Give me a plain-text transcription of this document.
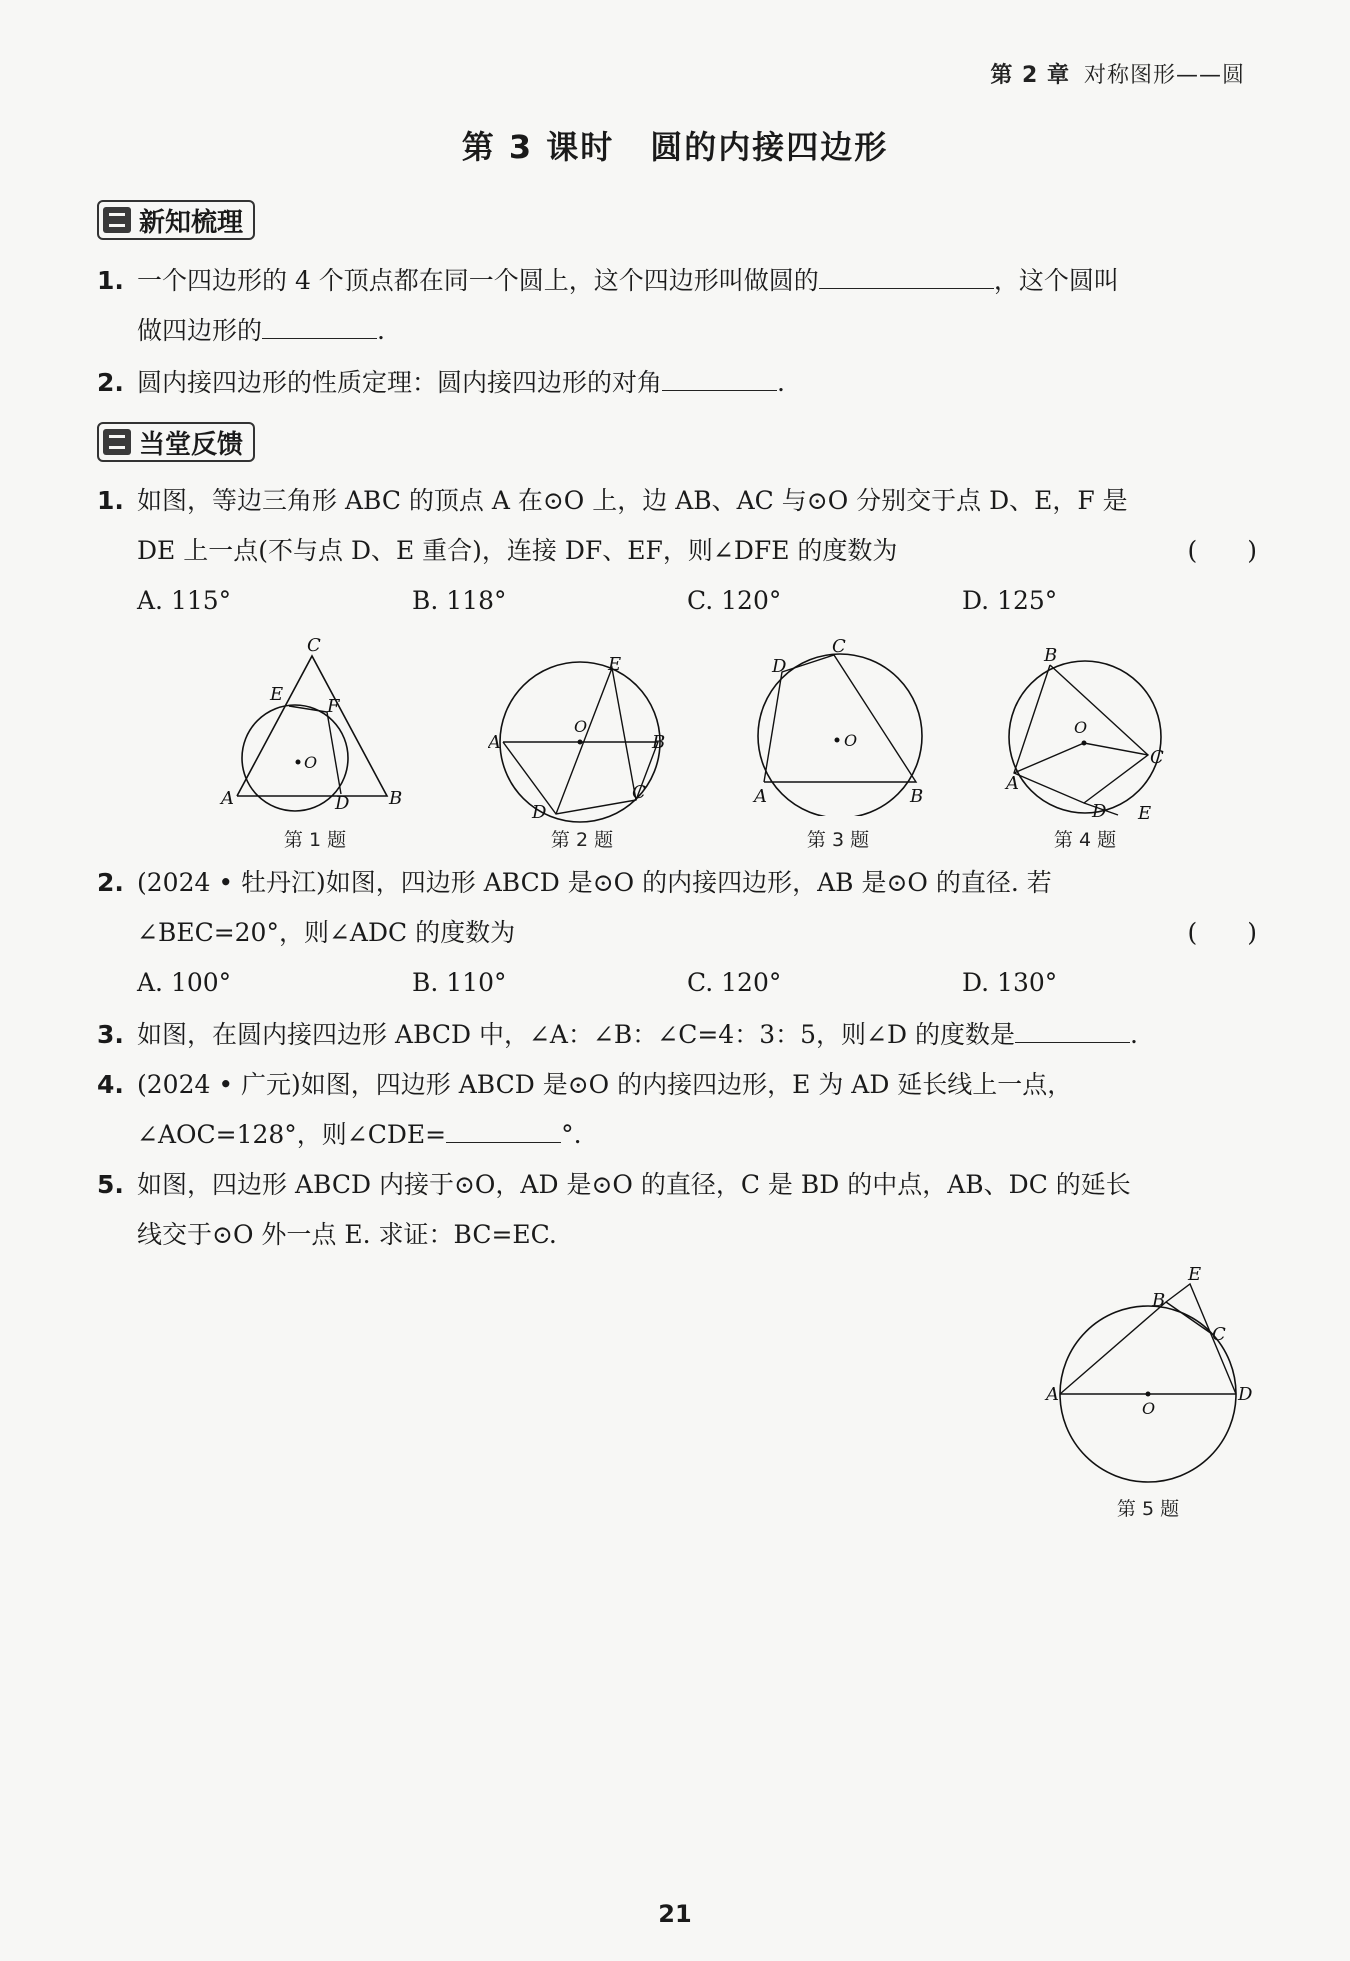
第 2 章 对称图形——圆
第 3 课时 圆的内接四边形
新知梳理
1. 一个四边形的 4 个顶点都在同一个圆上，这个四边形叫做圆的	，这个圆叫
做四边形的	.
2. 圆内接四边形的性质定理：圆内接四边形的对角	.
当堂反馈
1. 如图，等边三角形 ABC 的顶点 A 在⊙O 上，边 AB、AC 与⊙O 分别交于点 D、E，F 是
DE 上一点(不与点 D、E 重合)，连接 DF、EF，则∠DFE 的度数为	(　　)
A. 115°	B. 118°	C. 120°	D. 125°
C
E
F
O
A	D B
第 1 题
E
O
A	B
C
D
第 2 题
C
D
O
A	B
第 3 题
B
O
C
A
D E
第 4 题
2. (2024 • 牡丹江)如图，四边形 ABCD 是⊙O 的内接四边形，AB 是⊙O 的直径. 若
∠BEC=20°，则∠ADC 的度数为	(　　)
A. 100°	B. 110°	C. 120°	D. 130°
3. 如图，在圆内接四边形 ABCD 中，∠A：∠B：∠C=4：3：5，则∠D 的度数是	.
4. (2024 • 广元)如图，四边形 ABCD 是⊙O 的内接四边形，E 为 AD 延长线上一点，
∠AOC=128°，则∠CDE=	°.
5. 如图，四边形 ABCD 内接于⊙O，AD 是⊙O 的直径，C 是 BD 的中点，AB、DC 的延长
线交于⊙O 外一点 E. 求证：BC=EC.
E
B
C
A	D
O
第 5 题
21
